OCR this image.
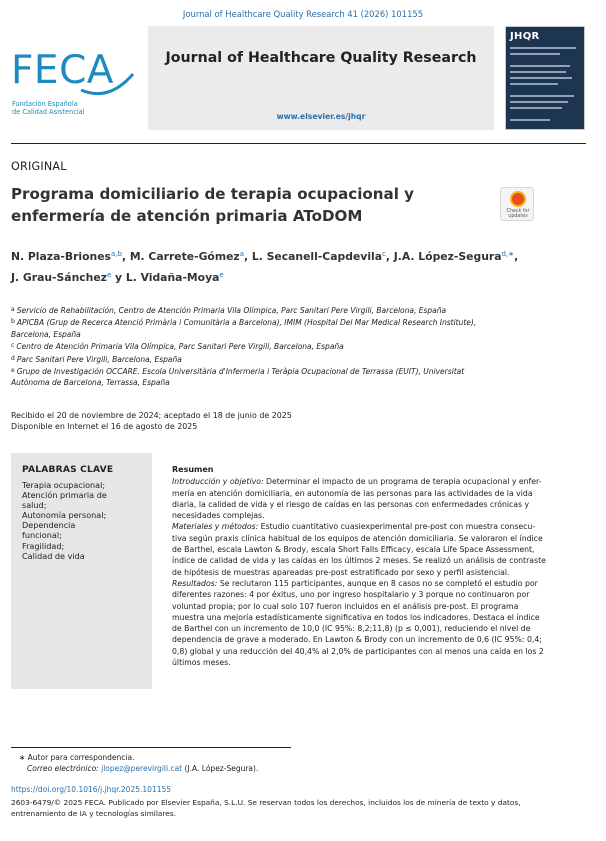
Journal of Healthcare Quality Research 41 (2026) 101155
FECA
Fundación Española
de Calidad Asistencial
Journal of Healthcare Quality Research
www.elsevier.es/jhqr
JHQR
ORIGINAL
Programa domiciliario de terapia ocupacional y
enfermería de atención primaria AToDOM	Check for
updates
N. Plaza-Briones$^{a,b}$, M. Carrete-Gómez$^a$, L. Secanell-Capdevila$^c$, J.A. López-Segura$^{d,∗}$,
J. Grau-Sánchez$^e$ y L. Vidaña-Moya$^e$
$^a$ Servicio de Rehabilitación, Centro de Atención Primaria Vila Olímpica, Parc Sanitari Pere Virgili, Barcelona, España
$^b$ APICBA (Grup de Recerca Atenció Primària i Comunitària a Barcelona), IMIM (Hospital Del Mar Medical Research Institute),
Barcelona, España
$^c$ Centro de Atención Primaria Vila Olímpica, Parc Sanitari Pere Virgili, Barcelona, España
$^d$ Parc Sanitari Pere Virgili, Barcelona, España
$^e$ Grupo de Investigación OCCARE. Escola Universitària d'Infermeria i Teràpia Ocupacional de Terrassa (EUIT), Universitat
Autònoma de Barcelona, Terrassa, España
Recibido el 20 de noviembre de 2024; aceptado el 18 de junio de 2025
Disponible en Internet el 16 de agosto de 2025
PALABRAS CLAVE
Terapia ocupacional;
Atención primaria de
salud;
Autonomía personal;
Dependencia
funcional;
Fragilidad;
Calidad de vida
Resumen
Introducción y objetivo: Determinar el impacto de un programa de terapia ocupacional y enfer-
mería en atención domiciliaria, en autonomía de las personas para las actividades de la vida
diaria, la calidad de vida y el riesgo de caídas en las personas con enfermedades crónicas y
necesidades complejas.
Materiales y métodos: Estudio cuantitativo cuasiexperimental pre-post con muestra consecu-
tiva según praxis clínica habitual de los equipos de atención domiciliaria. Se valoraron el índice
de Barthel, escala Lawton & Brody, escala Short Falls Efficacy, escala Life Space Assessment,
índice de calidad de vida y las caídas en los últimos 2 meses. Se realizó un análisis de contraste
de hipótesis de muestras apareadas pre-post estratificado por sexo y perfil asistencial.
Resultados: Se reclutaron 115 participantes, aunque en 8 casos no se completó el estudio por
diferentes razones: 4 por éxitus, uno por ingreso hospitalario y 3 porque no continuaron por
voluntad propia; por lo cual solo 107 fueron incluidos en el análisis pre-post. El programa
muestra una mejoría estadísticamente significativa en todos los indicadores. Destaca el índice
de Barthel con un incremento de 10,0 (IC 95%: 8,2;11,8) (p ≤ 0,001), reduciendo el nivel de
dependencia de grave a moderado. En Lawton & Brody con un incremento de 0,6 (IC 95%: 0,4;
0,8) global y una reducción del 40,4% al 2,0% de participantes con al menos una caída en los 2
últimos meses.
∗ Autor para correspondencia.
Correo electrónico: jlopez@perevirgili.cat (J.A. López-Segura).
https://doi.org/10.1016/j.jhqr.2025.101155
2603-6479/© 2025 FECA. Publicado por Elsevier España, S.L.U. Se reservan todos los derechos, incluidos los de minería de texto y datos,
entrenamiento de IA y tecnologías similares.
